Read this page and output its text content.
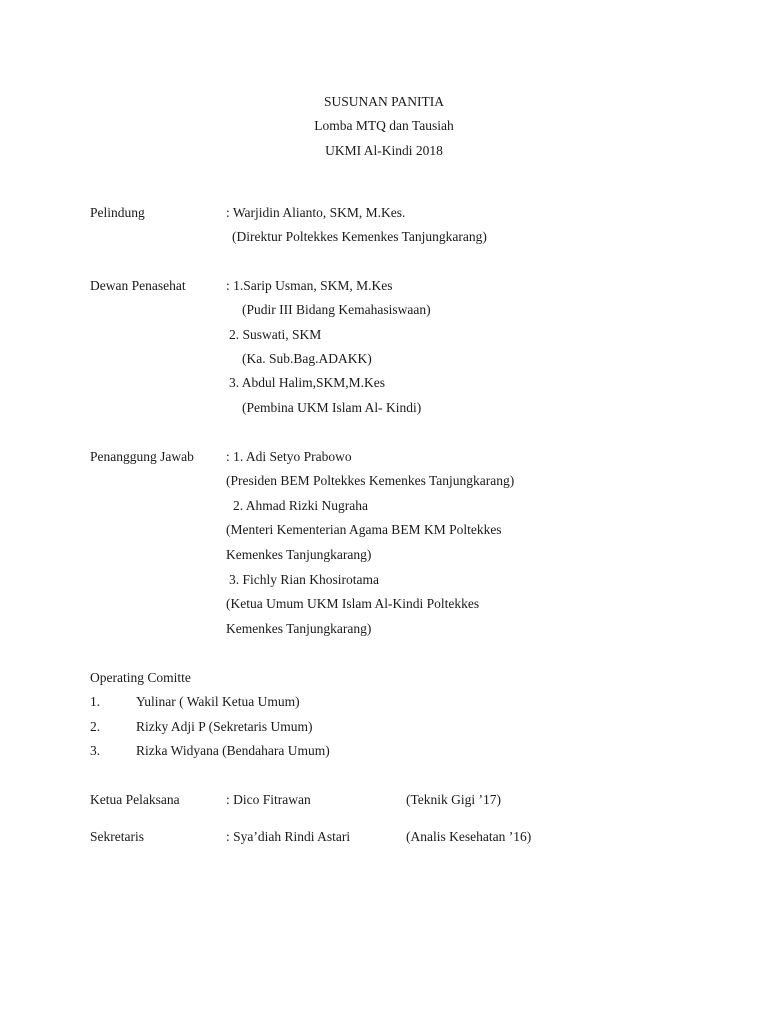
SUSUNAN PANITIA
Lomba MTQ dan Tausiah
UKMI Al-Kindi 2018
Pelindung	: Warjidin Alianto, SKM, M.Kes.
(Direktur Poltekkes Kemenkes Tanjungkarang)
Dewan Penasehat	: 1.Sarip Usman, SKM, M.Kes
(Pudir III Bidang Kemahasiswaan)
2. Suswati, SKM
(Ka. Sub.Bag.ADAKK)
3. Abdul Halim,SKM,M.Kes
(Pembina UKM Islam Al- Kindi)
Penanggung Jawab : 1. Adi Setyo Prabowo
(Presiden BEM Poltekkes Kemenkes Tanjungkarang)
2. Ahmad Rizki Nugraha
(Menteri Kementerian Agama BEM KM Poltekkes
Kemenkes Tanjungkarang)
3. Fichly Rian Khosirotama
(Ketua Umum UKM Islam Al-Kindi Poltekkes
Kemenkes Tanjungkarang)
Operating Comitte
1.	Yulinar ( Wakil Ketua Umum)
2.	Rizky Adji P (Sekretaris Umum)
3.	Rizka Widyana (Bendahara Umum)
Ketua Pelaksana	: Dico Fitrawan	(Teknik Gigi ’17)
Sekretaris	: Sya’diah Rindi Astari	(Analis Kesehatan ’16)
